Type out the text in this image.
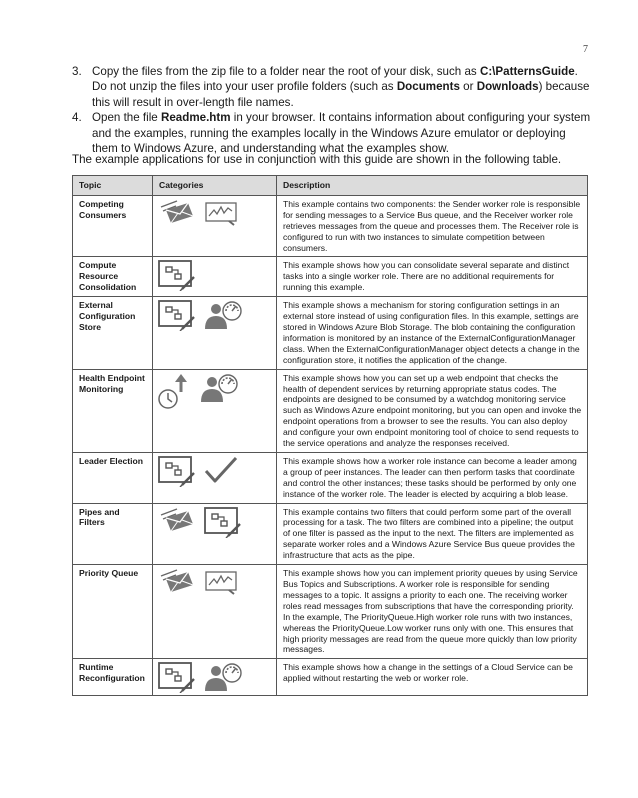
7
3. Copy the files from the zip file to a folder near the root of your disk, such as C:\PatternsGuide. Do not unzip the files into your user profile folders (such as Documents or Downloads) because this will result in over-length file names.
4. Open the file Readme.htm in your browser. It contains information about configuring your system and the examples, running the examples locally in the Windows Azure emulator or deploying them to Windows Azure, and understanding what the examples show.
The example applications for use in conjunction with this guide are shown in the following table.
Topic	Categories	Description
Competing Consumers		This example contains two components: the Sender worker role is responsible for sending messages to a Service Bus queue, and the Receiver worker role retrieves messages from the queue and processes them. The Receiver role is configured to run with two instances to simulate competition between consumers.
Compute Resource Consolidation		This example shows how you can consolidate several separate and distinct tasks into a single worker role. There are no additional requirements for running this example.
External Configuration Store		This example shows a mechanism for storing configuration settings in an external store instead of using configuration files. In this example, settings are stored in Windows Azure Blob Storage. The blob containing the configuration information is monitored by an instance of the ExternalConfigurationManager class. When the ExternalConfigurationManager object detects a change in the configuration store, it notifies the application of the change.
Health Endpoint Monitoring		This example shows how you can set up a web endpoint that checks the health of dependent services by returning appropriate status codes. The endpoints are designed to be consumed by a watchdog monitoring service such as Windows Azure endpoint monitoring, but you can open and invoke the endpoint operations from a browser to see the results. You can also deploy and configure your own endpoint monitoring tool of choice to send requests to the service operations and analyze the responses received.
Leader Election		This example shows how a worker role instance can become a leader among a group of peer instances. The leader can then perform tasks that coordinate and control the other instances; these tasks should be performed by only one instance of the worker role. The leader is elected by acquiring a blob lease.
Pipes and Filters		This example contains two filters that could perform some part of the overall processing for a task. The two filters are combined into a pipeline; the output of one filter is passed as the input to the next. The filters are implemented as separate worker roles and a Windows Azure Service Bus queue provides the infrastructure that acts as the pipe.
Priority Queue		This example shows how you can implement priority queues by using Service Bus Topics and Subscriptions. A worker role is responsible for sending messages to a topic. It assigns a priority to each one. The receiving worker roles read messages from subscriptions that have the corresponding priority. In the example, The PriorityQueue.High worker role runs with two instances, whereas the PriorityQueue.Low worker runs only with one. This ensures that high priority messages are read from the queue more quickly than low priority messages.
Runtime Reconfiguration		This example shows how a change in the settings of a Cloud Service can be applied without restarting the web or worker role.
